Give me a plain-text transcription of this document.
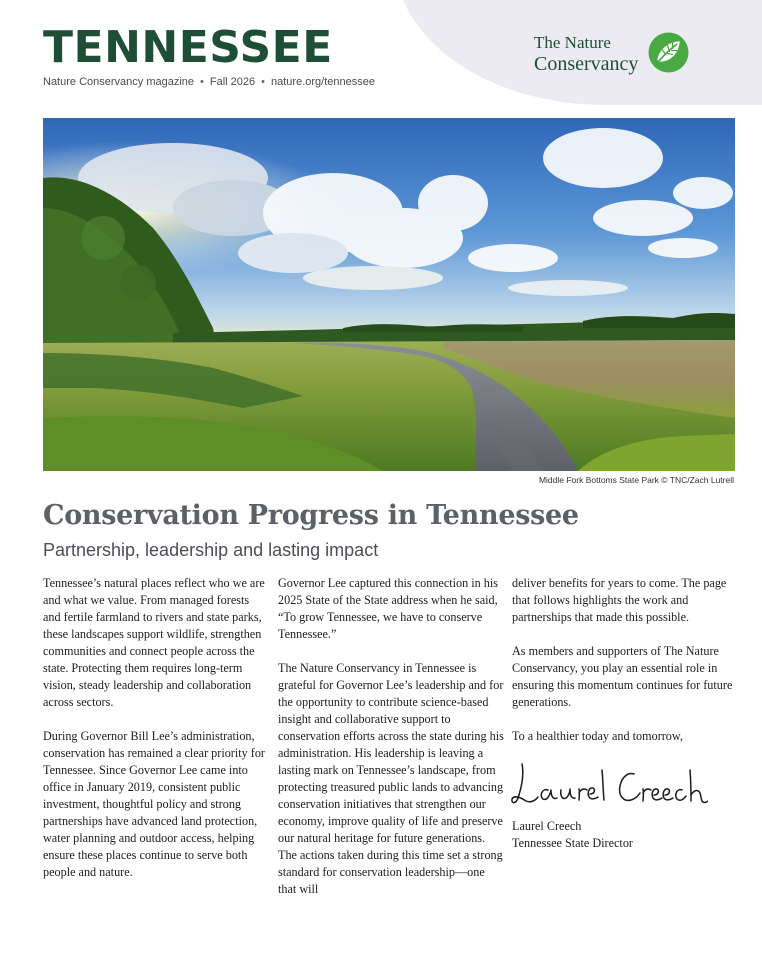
TENNESSEE
Nature Conservancy magazine • Fall 2026 • nature.org/tennessee
The Nature
Conservancy
Middle Fork Bottoms State Park © TNC/Zach Lutrell
Conservation Progress in Tennessee
Partnership, leadership and lasting impact

Tennessee’s natural places reflect who we are and what we value. From managed forests and fertile farmland to rivers and state parks, these landscapes support wildlife, strengthen communities and connect people across the state. Protecting them requires long-term vision, steady leadership and collaboration across sectors.

During Governor Bill Lee’s administration, conservation has remained a clear priority for Tennessee. Since Governor Lee came into office in January 2019, consistent public investment, thoughtful policy and strong partnerships have advanced land protection, water planning and outdoor access, helping ensure these places continue to serve both people and nature.

Governor Lee captured this connection in his 2025 State of the State address when he said, “To grow Tennessee, we have to conserve Tennessee.”

The Nature Conservancy in Tennessee is grateful for Governor Lee’s leadership and for the opportunity to contribute science-based insight and collaborative support to conservation efforts across the state during his administration. His leadership is leaving a lasting mark on Tennessee’s landscape, from protecting treasured public lands to advancing conservation initiatives that strengthen our economy, improve quality of life and preserve our natural heritage for future generations. The actions taken during this time set a strong standard for conservation leadership—one that will

deliver benefits for years to come. The page that follows highlights the work and partnerships that made this possible.

As members and supporters of The Nature Conservancy, you play an essential role in ensuring this momentum continues for future generations.

To a healthier today and tomorrow,

Laurel Creech
Tennessee State Director
